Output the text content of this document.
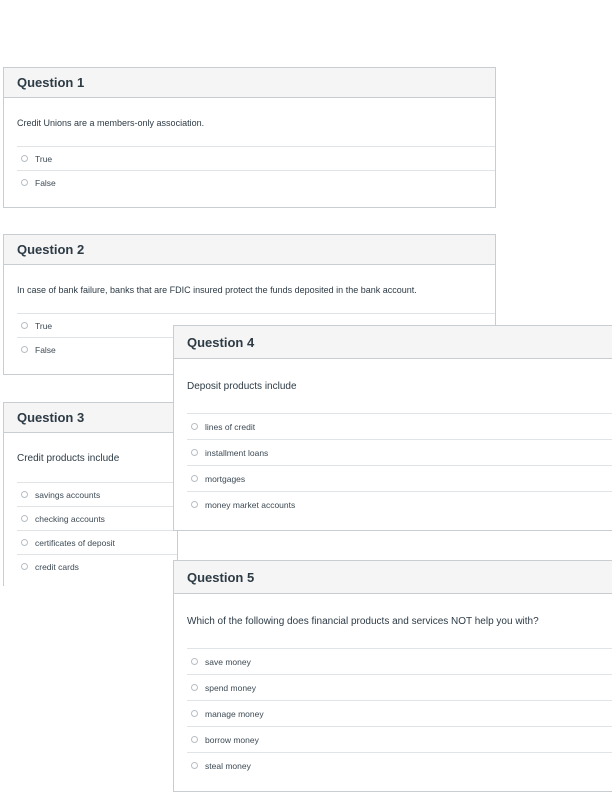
Question 1
Credit Unions are a members-only association.
True
False
Question 2
In case of bank failure, banks that are FDIC insured protect the funds deposited in the bank account.
True
False
Question 3
Credit products include
savings accounts
checking accounts
certificates of deposit
credit cards
Question 4
Deposit products include
lines of credit
installment loans
mortgages
money market accounts
Question 5
Which of the following does financial products and services NOT help you with?
save money
spend money
manage money
borrow money
steal money
